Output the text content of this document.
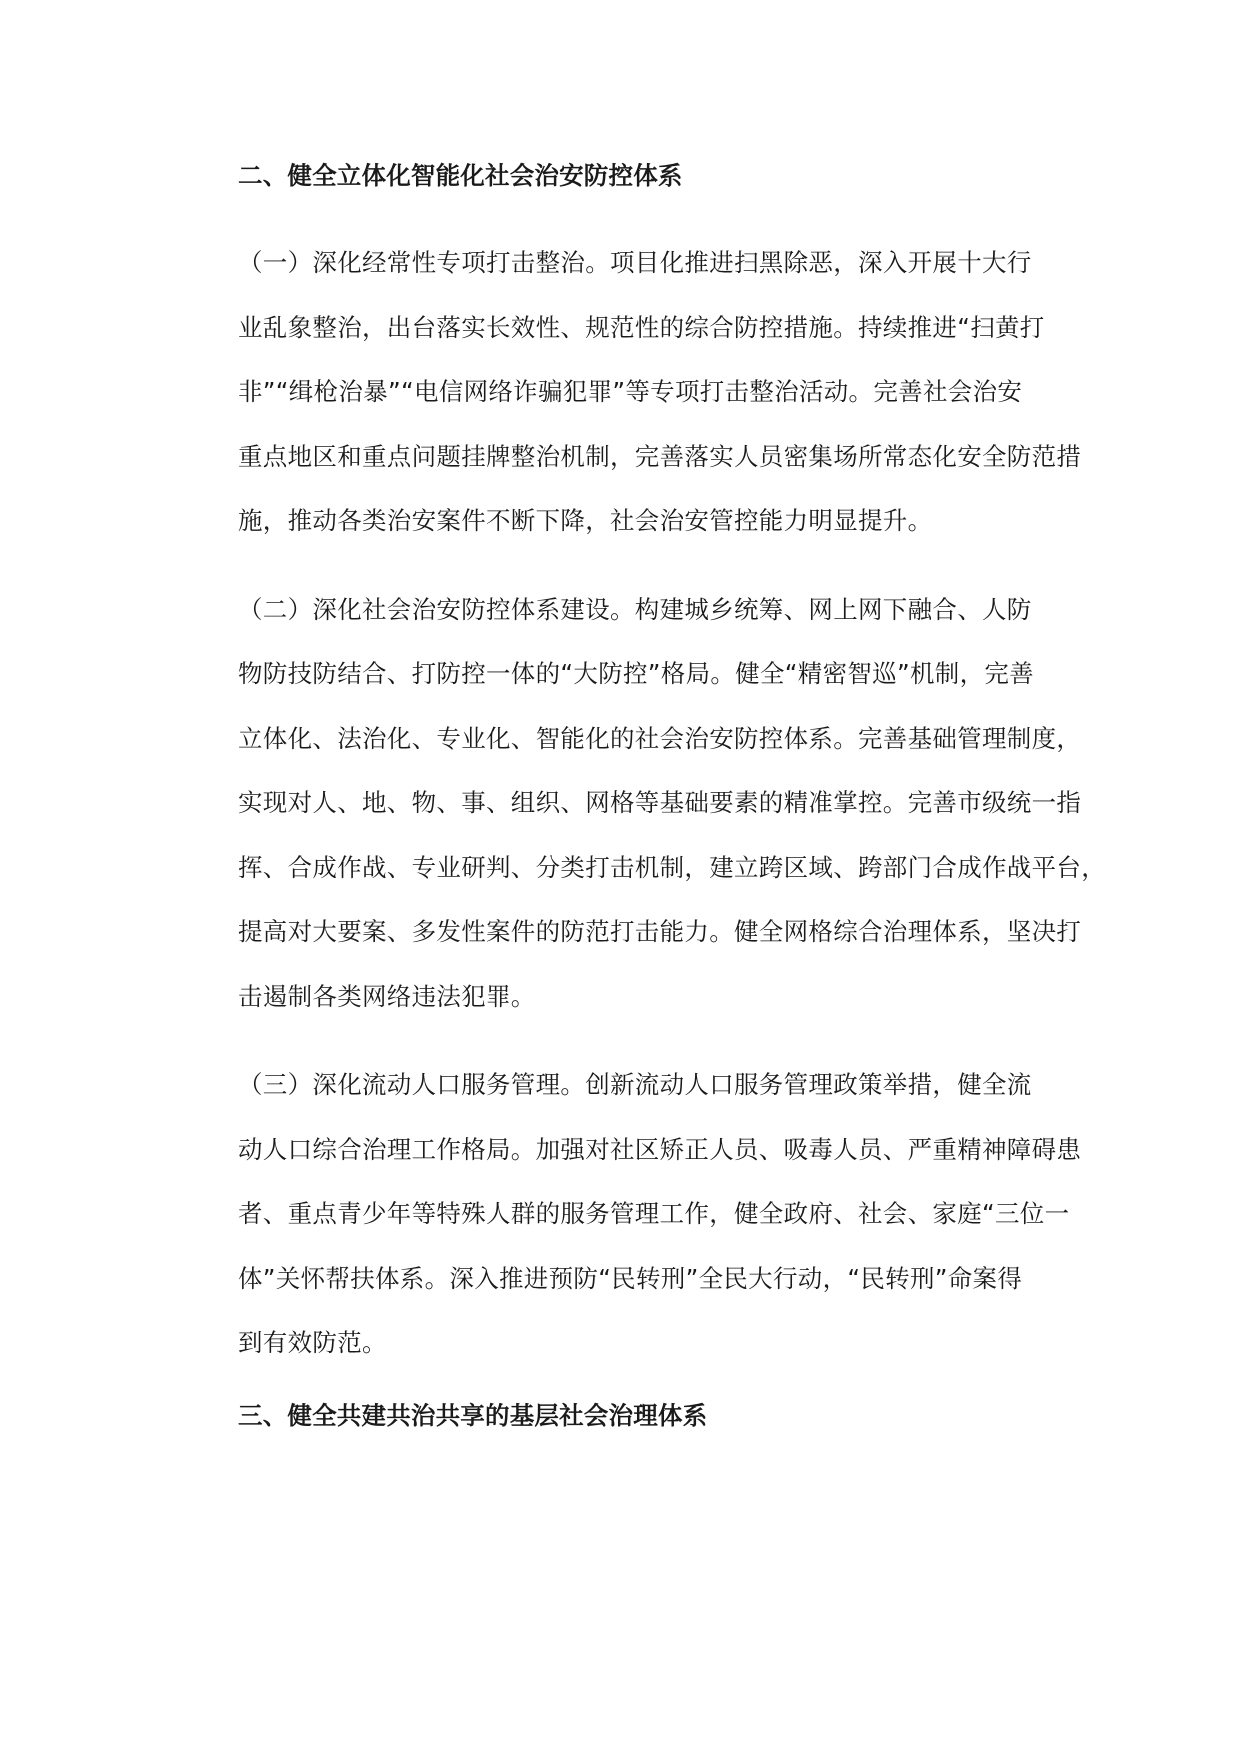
二、健全立体化智能化社会治安防控体系

（一）深化经常性专项打击整治。项目化推进扫黑除恶，深入开展十大行
业乱象整治，出台落实长效性、规范性的综合防控措施。持续推进“扫黄打
非”“缉枪治暴”“电信网络诈骗犯罪”等专项打击整治活动。完善社会治安
重点地区和重点问题挂牌整治机制，完善落实人员密集场所常态化安全防范措
施，推动各类治安案件不断下降，社会治安管控能力明显提升。

（二）深化社会治安防控体系建设。构建城乡统筹、网上网下融合、人防
物防技防结合、打防控一体的“大防控”格局。健全“精密智巡”机制，完善
立体化、法治化、专业化、智能化的社会治安防控体系。完善基础管理制度，
实现对人、地、物、事、组织、网格等基础要素的精准掌控。完善市级统一指
挥、合成作战、专业研判、分类打击机制，建立跨区域、跨部门合成作战平台，
提高对大要案、多发性案件的防范打击能力。健全网格综合治理体系，坚决打
击遏制各类网络违法犯罪。

（三）深化流动人口服务管理。创新流动人口服务管理政策举措，健全流
动人口综合治理工作格局。加强对社区矫正人员、吸毒人员、严重精神障碍患
者、重点青少年等特殊人群的服务管理工作，健全政府、社会、家庭“三位一
体”关怀帮扶体系。深入推进预防“民转刑”全民大行动，“民转刑”命案得
到有效防范。

三、健全共建共治共享的基层社会治理体系
